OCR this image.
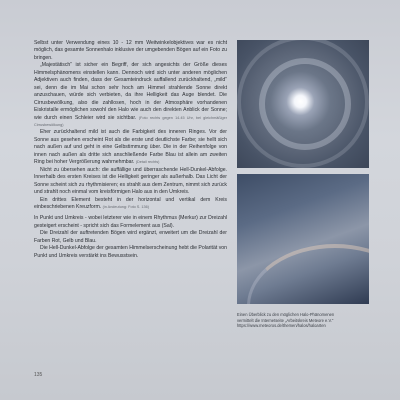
Selbst unter Verwendung eines 10 - 12 mm Weitwinkelobjektives war es nicht möglich, das gesamte Sonnenhalo inklusive der umgebenden Bögen auf ein Foto zu bringen.

„Majestätisch“ ist sicher ein Begriff, der sich angesichts der Größe dieses Himmelsphänomens einstellen kann. Dennoch wird sich unter anderen möglichen Adjektiven auch finden, dass der Gesamteindruck auffallend zurückhaltend, „mild“ sei, denn die im Mai schon sehr hoch am Himmel strahlende Sonne direkt anzuschauen, würde sich verbieten, da ihre Helligkeit das Auge blendet. Die Cirrusbewölkung, also die zahllosen, hoch in der Atmosphäre vorhandenen Eiskristalle ermöglichen sowohl den Halo wie auch den direkten Anblick der Sonne; wie durch einen Schleier wird sie sichtbar. (Foto rechts gegen 14.45 Uhr, bei gleichmäßiger Cirrusbewölkung)

Eher zurückhaltend mild ist auch die Farbigkeit des inneren Ringes. Vor der Sonne aus gesehen erscheint Rot als die erste und deutlichste Farbe; sie hellt sich nach außen auf und geht in eine Gelbstimmung über. Die in der Reihenfolge von innen nach außen als dritte sich anschließende Farbe Blau ist allein am zweiten Ring bei hoher Vergrößerung wahrnehmbar. (Detail rechts)

Nicht zu übersehen auch: die auffällige und überraschende Hell-Dunkel-Abfolge. Innerhalb des ersten Kreises ist die Helligkeit geringer als außerhalb. Das Licht der Sonne scheint sich zu rhythmisieren; es strahlt aus dem Zentrum, nimmt sich zurück und strahlt noch einmal vom kreisförmigen Halo aus in den Umkreis.

Ein drittes Element besteht in der horizontal und vertikal dem Kreis einbeschriebenen Kreuzform. (in Andeutung: Foto S. 136)

In Punkt und Umkreis - wobei letzterer wie in einem Rhythmus (Merkur) zur Dreizahl gesteigert erscheint - spricht sich das Formelement aus (Sal).

Die Dreizahl der auftretenden Bögen wird ergänzt, erweitert um die Dreizahl der Farben Rot, Gelb und Blau.

Die Hell-Dunkel-Abfolge der gesamten Himmelserscheinung hebt die Polarität von Punkt und Umkreis verstärkt ins Bewusstsein.

Einen Überblick zu den möglichen Halo-Phänomenen
vermittelt die Internetseite „Arbeitskreis Meteore e.V.“
https://www.meteoros.de/themen/halos/haloarten
135
